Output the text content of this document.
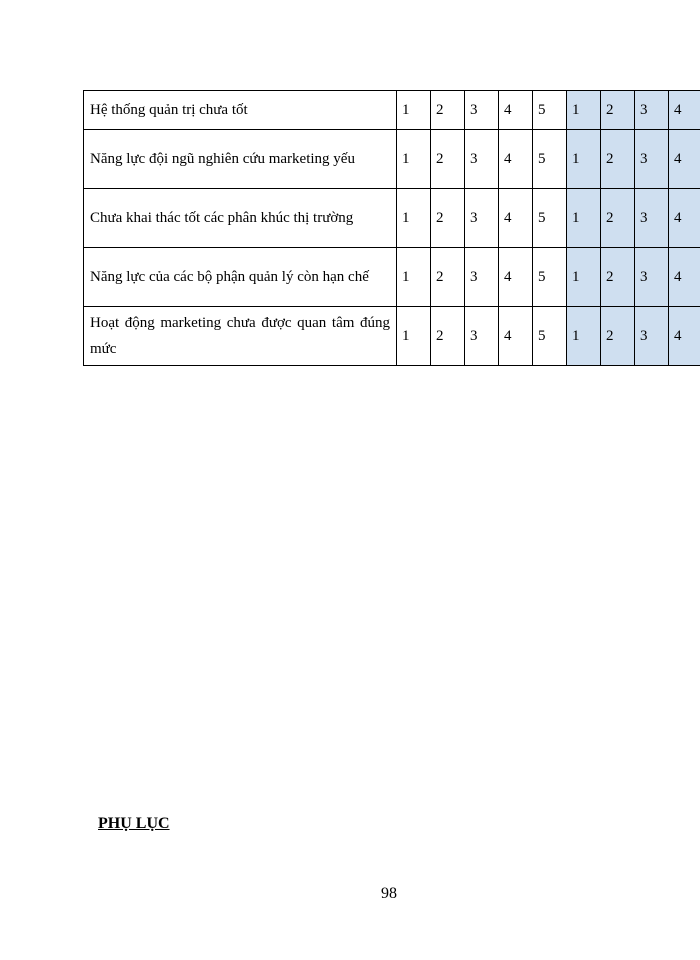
Hệ thống quản trị chưa tốt	1	2	3	4	5	1	2	3	4
Năng lực đội ngũ nghiên cứu marketing yếu	1	2	3	4	5	1	2	3	4
Chưa khai thác tốt các phân khúc thị trường	1	2	3	4	5	1	2	3	4
Năng lực của các bộ phận quản lý còn hạn chế	1	2	3	4	5	1	2	3	4
Hoạt động marketing chưa được quan tâm đúng mức	1	2	3	4	5	1	2	3	4
PHỤ LỤC
98
